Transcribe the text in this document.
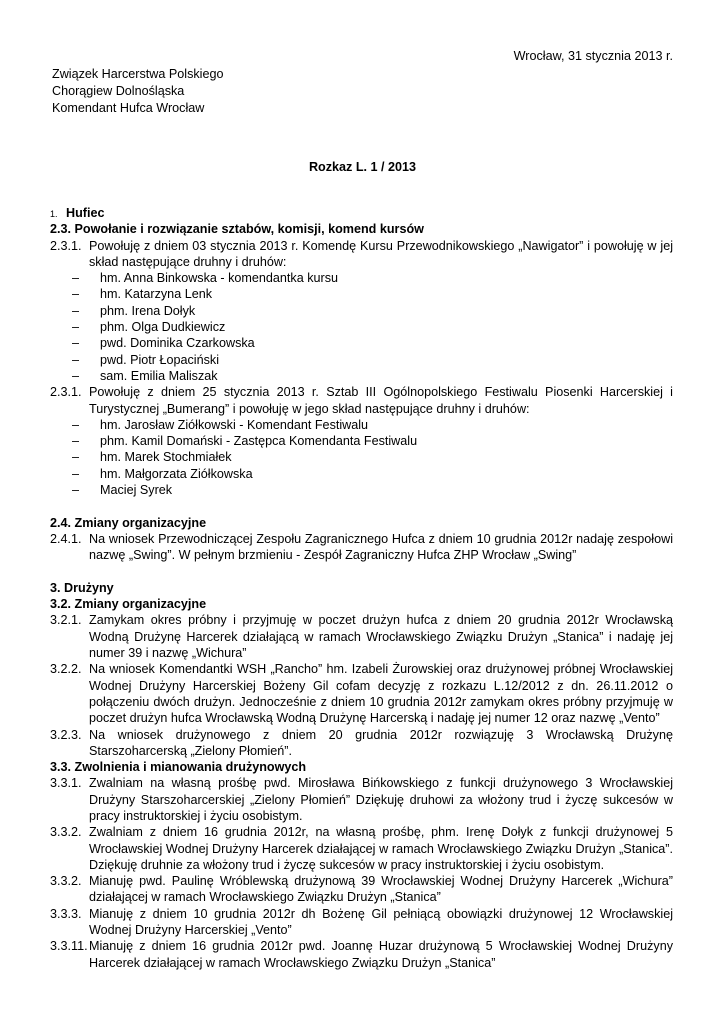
Wrocław, 31 stycznia 2013 r.
Związek Harcerstwa Polskiego
Chorągiew Dolnośląska
Komendant Hufca Wrocław
Rozkaz L. 1 / 2013
1. Hufiec
2.3. Powołanie i rozwiązanie sztabów, komisji, komend kursów
2.3.1. Powołuję z dniem 03 stycznia 2013 r. Komendę Kursu Przewodnikowskiego „Nawigator” i powołuję w jej skład następujące druhny i druhów:
– hm. Anna Binkowska - komendantka kursu
– hm. Katarzyna Lenk
– phm. Irena Dołyk
– phm. Olga Dudkiewicz
– pwd. Dominika Czarkowska
– pwd. Piotr Łopaciński
– sam. Emilia Maliszak
2.3.1. Powołuję z dniem 25 stycznia 2013 r. Sztab III Ogólnopolskiego Festiwalu Piosenki Harcerskiej i Turystycznej „Bumerang” i powołuję w jego skład następujące druhny i druhów:
– hm. Jarosław Ziółkowski - Komendant Festiwalu
– phm. Kamil Domański - Zastępca Komendanta Festiwalu
– hm. Marek Stochmiałek
– hm. Małgorzata Ziółkowska
– Maciej Syrek
2.4. Zmiany organizacyjne
2.4.1. Na wniosek Przewodniczącej Zespołu Zagranicznego Hufca z dniem 10 grudnia 2012r nadaję zespołowi nazwę „Swing”. W pełnym brzmieniu - Zespół Zagraniczny Hufca ZHP Wrocław „Swing”
3. Drużyny
3.2. Zmiany organizacyjne
3.2.1. Zamykam okres próbny i przyjmuję w poczet drużyn hufca z dniem 20 grudnia 2012r Wrocławską Wodną Drużynę Harcerek działającą w ramach Wrocławskiego Związku Drużyn „Stanica” i nadaję jej numer 39 i nazwę „Wichura”
3.2.2. Na wniosek Komendantki WSH „Rancho” hm. Izabeli Żurowskiej oraz drużynowej próbnej Wrocławskiej Wodnej Drużyny Harcerskiej Bożeny Gil cofam decyzję z rozkazu L.12/2012 z dn. 26.11.2012 o połączeniu dwóch drużyn. Jednocześnie z dniem 10 grudnia 2012r zamykam okres próbny przyjmuję w poczet drużyn hufca Wrocławską Wodną Drużynę Harcerską i nadaję jej numer 12 oraz nazwę „Vento”
3.2.3. Na wniosek drużynowego z dniem 20 grudnia 2012r rozwiązuję 3 Wrocławską Drużynę Starszoharcerską „Zielony Płomień”.
3.3. Zwolnienia i mianowania drużynowych
3.3.1. Zwalniam na własną prośbę pwd. Mirosława Bińkowskiego z funkcji drużynowego 3 Wrocławskiej Drużyny Starszoharcerskiej „Zielony Płomień” Dziękuję druhowi za włożony trud i życzę sukcesów w pracy instruktorskiej i życiu osobistym.
3.3.2. Zwalniam z dniem 16 grudnia 2012r, na własną prośbę, phm. Irenę Dołyk z funkcji drużynowej 5 Wrocławskiej Wodnej Drużyny Harcerek działającej w ramach Wrocławskiego Związku Drużyn „Stanica”. Dziękuję druhnie za włożony trud i życzę sukcesów w pracy instruktorskiej i życiu osobistym.
3.3.2. Mianuję pwd. Paulinę Wróblewską drużynową 39 Wrocławskiej Wodnej Drużyny Harcerek „Wichura” działającej w ramach Wrocławskiego Związku Drużyn „Stanica”
3.3.3. Mianuję z dniem 10 grudnia 2012r dh Bożenę Gil pełniącą obowiązki drużynowej 12 Wrocławskiej Wodnej Drużyny Harcerskiej „Vento”
3.3.11. Mianuję z dniem 16 grudnia 2012r pwd. Joannę Huzar drużynową 5 Wrocławskiej Wodnej Drużyny Harcerek działającej w ramach Wrocławskiego Związku Drużyn „Stanica”
